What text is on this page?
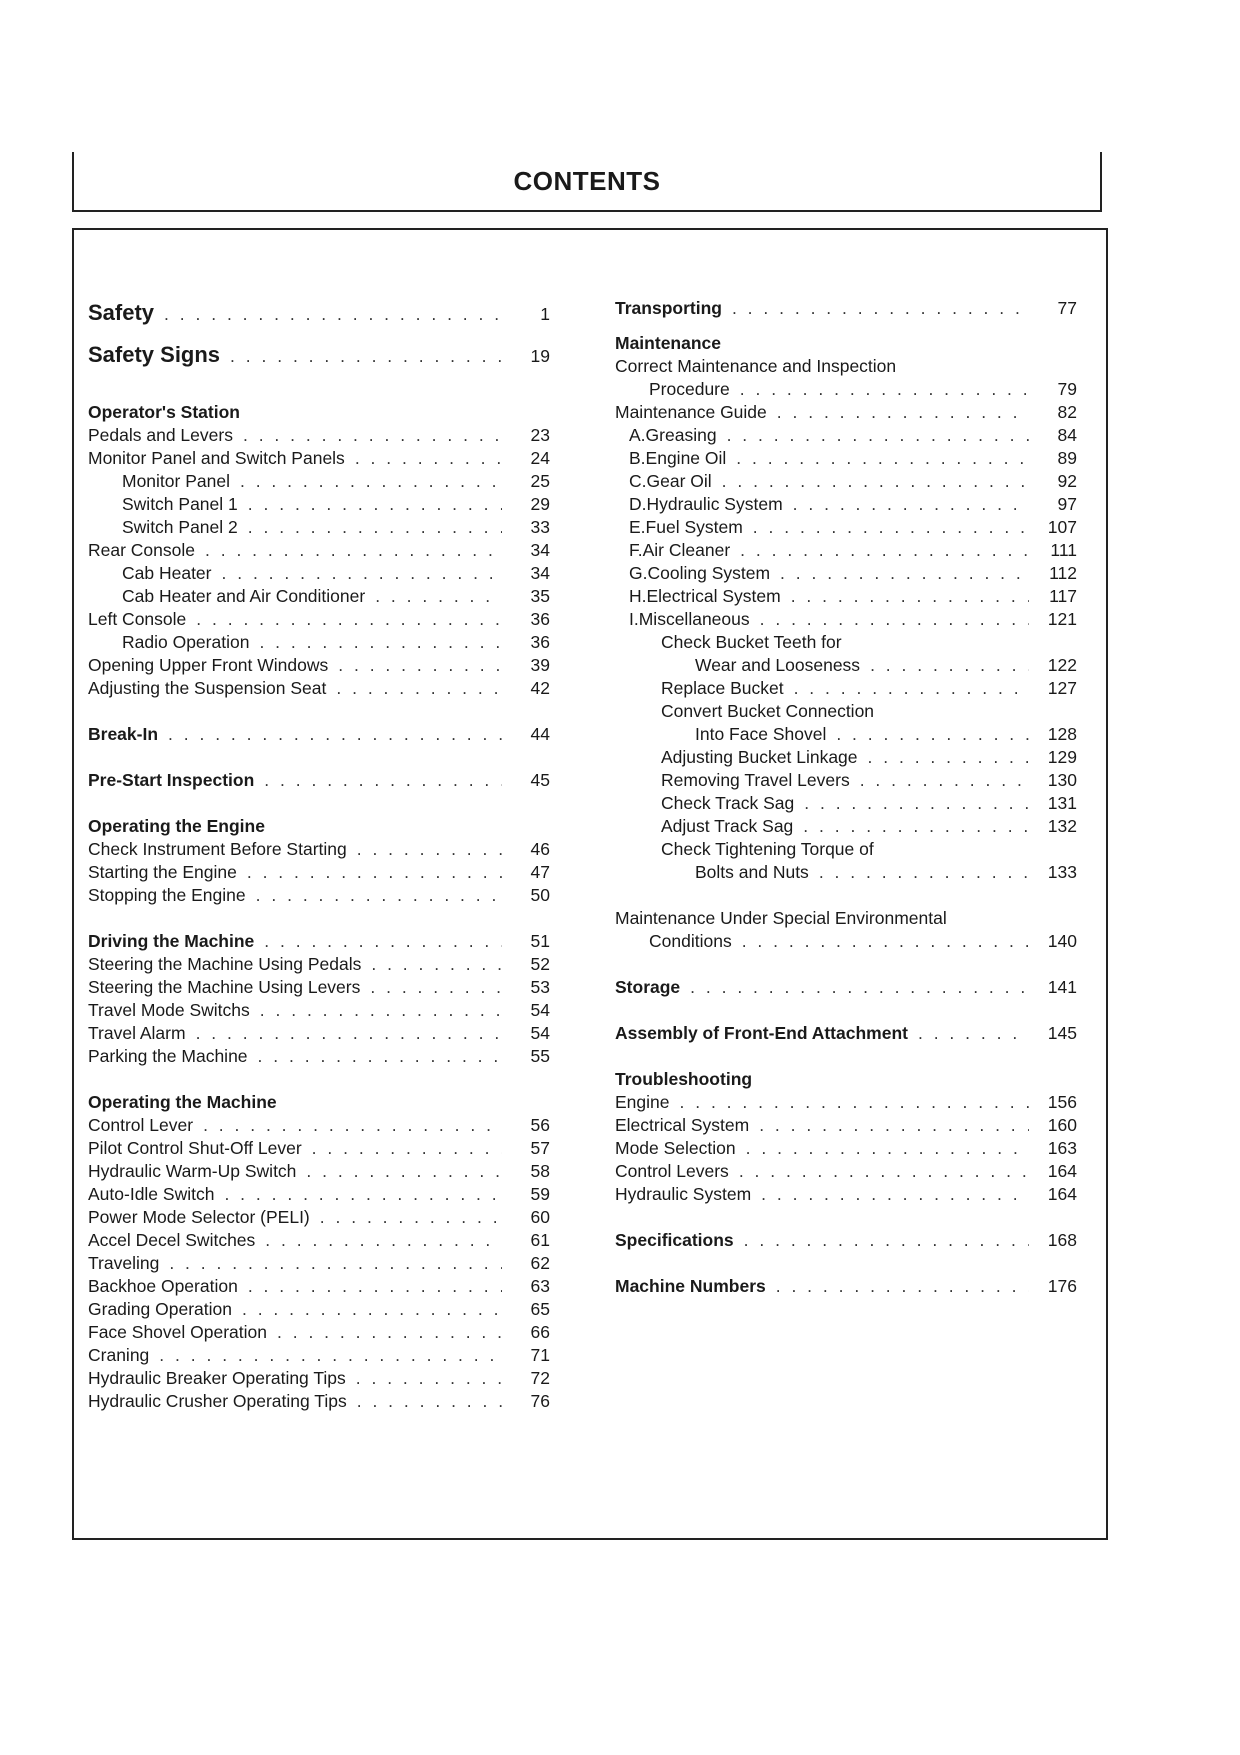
CONTENTS
Safety . . .	1
Safety Signs . . .	19
Operator's Station
Pedals and Levers . . .	23
Monitor Panel and Switch Panels . . .	24
Monitor Panel . . .	25
Switch Panel 1 . . .	29
Switch Panel 2 . . .	33
Rear Console . . .	34
Cab Heater . . .	34
Cab Heater and Air Conditioner . . .	35
Left Console . . .	36
Radio Operation . . .	36
Opening Upper Front Windows . . .	39
Adjusting the Suspension Seat . . .	42
Break-In . . .	44
Pre-Start Inspection . . .	45
Operating the Engine
Check Instrument Before Starting . . .	46
Starting the Engine . . .	47
Stopping the Engine . . .	50
Driving the Machine . . .	51
Steering the Machine Using Pedals . . .	52
Steering the Machine Using Levers . . .	53
Travel Mode Switchs . . .	54
Travel Alarm . . .	54
Parking the Machine . . .	55
Operating the Machine
Control Lever . . .	56
Pilot Control Shut-Off Lever . . .	57
Hydraulic Warm-Up Switch . . .	58
Auto-Idle Switch . . .	59
Power Mode Selector (PELI) . . .	60
Accel Decel Switches . . .	61
Traveling . . .	62
Backhoe Operation . . .	63
Grading Operation . . .	65
Face Shovel Operation . . .	66
Craning . . .	71
Hydraulic Breaker Operating Tips . . .	72
Hydraulic Crusher Operating Tips . . .	76
Transporting . . .	77
Maintenance
Correct Maintenance and Inspection
Procedure . . .	79
Maintenance Guide . . .	82
A. Greasing . . .	84
B. Engine Oil . . .	89
C. Gear Oil . . .	92
D. Hydraulic System . . .	97
E. Fuel System . . .	107
F. Air Cleaner . . .	111
G. Cooling System . . .	112
H. Electrical System . . .	117
I. Miscellaneous . . .	121
Check Bucket Teeth for
Wear and Looseness . . .	122
Replace Bucket . . .	127
Convert Bucket Connection
Into Face Shovel . . .	128
Adjusting Bucket Linkage . . .	129
Removing Travel Levers . . .	130
Check Track Sag . . .	131
Adjust Track Sag . . .	132
Check Tightening Torque of
Bolts and Nuts . . .	133
Maintenance Under Special Environmental
Conditions . . .	140
Storage . . .	141
Assembly of Front-End Attachment . . .	145
Troubleshooting
Engine . . .	156
Electrical System . . .	160
Mode Selection . . .	163
Control Levers . . .	164
Hydraulic System . . .	164
Specifications . . .	168
Machine Numbers . . .	176
